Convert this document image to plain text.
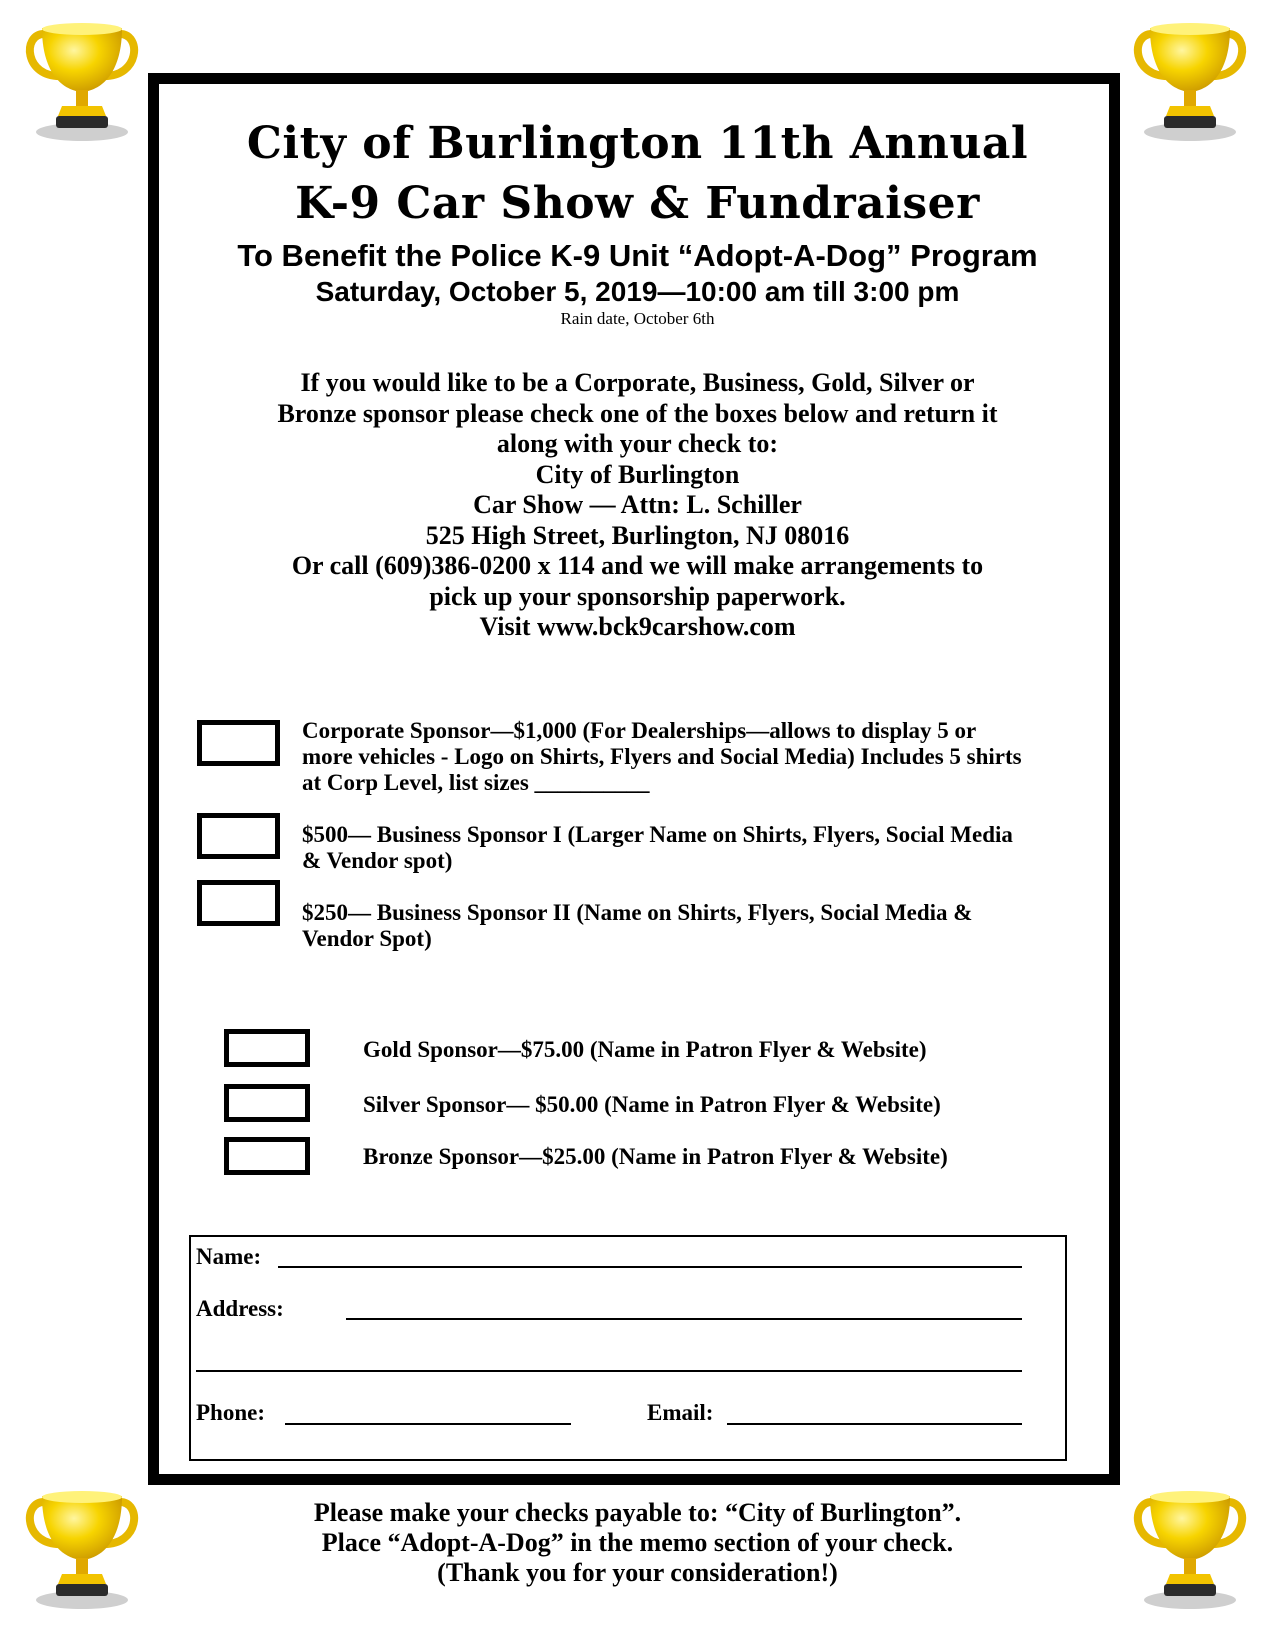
City of Burlington 11th Annual
K-9 Car Show & Fundraiser
To Benefit the Police K-9 Unit “Adopt-A-Dog” Program
Saturday, October 5, 2019—10:00 am till 3:00 pm
Rain date, October 6th
If you would like to be a Corporate, Business, Gold, Silver or
Bronze sponsor please check one of the boxes below and return it
along with your check to:
City of Burlington
Car Show — Attn: L. Schiller
525 High Street, Burlington, NJ 08016
Or call (609)386-0200 x 114 and we will make arrangements to
pick up your sponsorship paperwork.
Visit www.bck9carshow.com
Corporate Sponsor—$1,000 (For Dealerships—allows to display 5 or
more vehicles - Logo on Shirts, Flyers and Social Media) Includes 5 shirts
at Corp Level, list sizes __________
$500— Business Sponsor I (Larger Name on Shirts, Flyers, Social Media
& Vendor spot)
$250— Business Sponsor II (Name on Shirts, Flyers, Social Media &
Vendor Spot)
Gold Sponsor—$75.00 (Name in Patron Flyer & Website)
Silver Sponsor— $50.00 (Name in Patron Flyer & Website)
Bronze Sponsor—$25.00 (Name in Patron Flyer & Website)
Name:
Address:
Phone:	Email:
Please make your checks payable to: “City of Burlington”.
Place “Adopt-A-Dog” in the memo section of your check.
(Thank you for your consideration!)
